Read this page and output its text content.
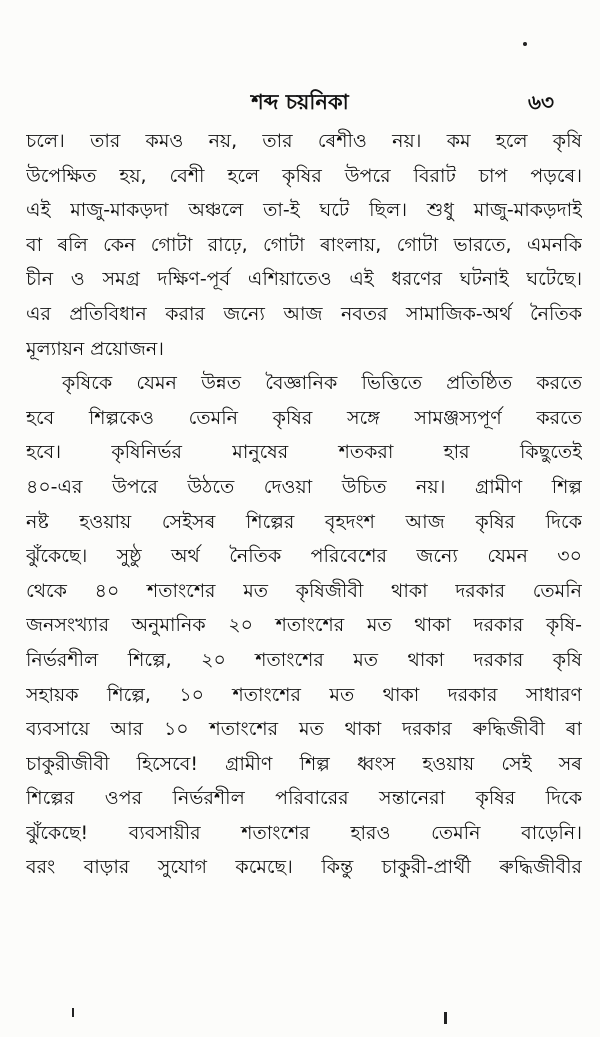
শব্দ চয়নিকা	৬৩
চলে। তার কমও নয়, তার ৰেশীও নয়। কম হলে কৃষি
উপেক্ষিত হয়, বেশী হলে কৃষির উপরে বিরাট চাপ পড়ৰে।
এই মাজু-মাকড়দা অঞ্চলে তা-ই ঘটে ছিল। শুধু মাজু-মাকড়দাই
বা ৰলি কেন গোটা রাঢ়ে, গোটা ৰাংলায়, গোটা ভারতে, এমনকি
চীন ও সমগ্র দক্ষিণ-পূর্ব এশিয়াতেও এই ধরণের ঘটনাই ঘটেছে।
এর প্রতিবিধান করার জন্যে আজ নবতর সামাজিক-অর্থ নৈতিক
মূল্যায়ন প্রয়োজন।
কৃষিকে যেমন উন্নত বৈজ্ঞানিক ভিত্তিতে প্রতিষ্ঠিত করতে
হবে শিল্পকেও তেমনি কৃষির সঙ্গে সামঞ্জস্যপূর্ণ করতে
হবে। কৃষিনির্ভর মানুষের শতকরা হার কিছুতেই
৪০-এর উপরে উঠতে দেওয়া উচিত নয়। গ্রামীণ শিল্প
নষ্ট হওয়ায় সেইসৰ শিল্পের বৃহদংশ আজ কৃষির দিকে
ঝুঁকেছে। সুষ্ঠু অর্থ নৈতিক পরিবেশের জন্যে যেমন ৩০
থেকে ৪০ শতাংশের মত কৃষিজীবী থাকা দরকার তেমনি
জনসংখ্যার অনুমানিক ২০ শতাংশের মত থাকা দরকার কৃষি-
নির্ভরশীল শিল্পে, ২০ শতাংশের মত থাকা দরকার কৃষি
সহায়ক শিল্পে, ১০ শতাংশের মত থাকা দরকার সাধারণ
ব্যবসায়ে আর ১০ শতাংশের মত থাকা দরকার ৰুদ্ধিজীবী ৰা
চাকুরীজীবী হিসেবে! গ্রামীণ শিল্প ধ্বংস হওয়ায় সেই সৰ
শিল্পের ওপর নির্ভরশীল পরিবারের সন্তানেরা কৃষির দিকে
ঝুঁকেছে! ব্যবসায়ীর শতাংশের হারও তেমনি বাড়েনি।
বরং বাড়ার সুযোগ কমেছে। কিন্তু চাকুরী-প্রার্থী ৰুদ্ধিজীবীর
